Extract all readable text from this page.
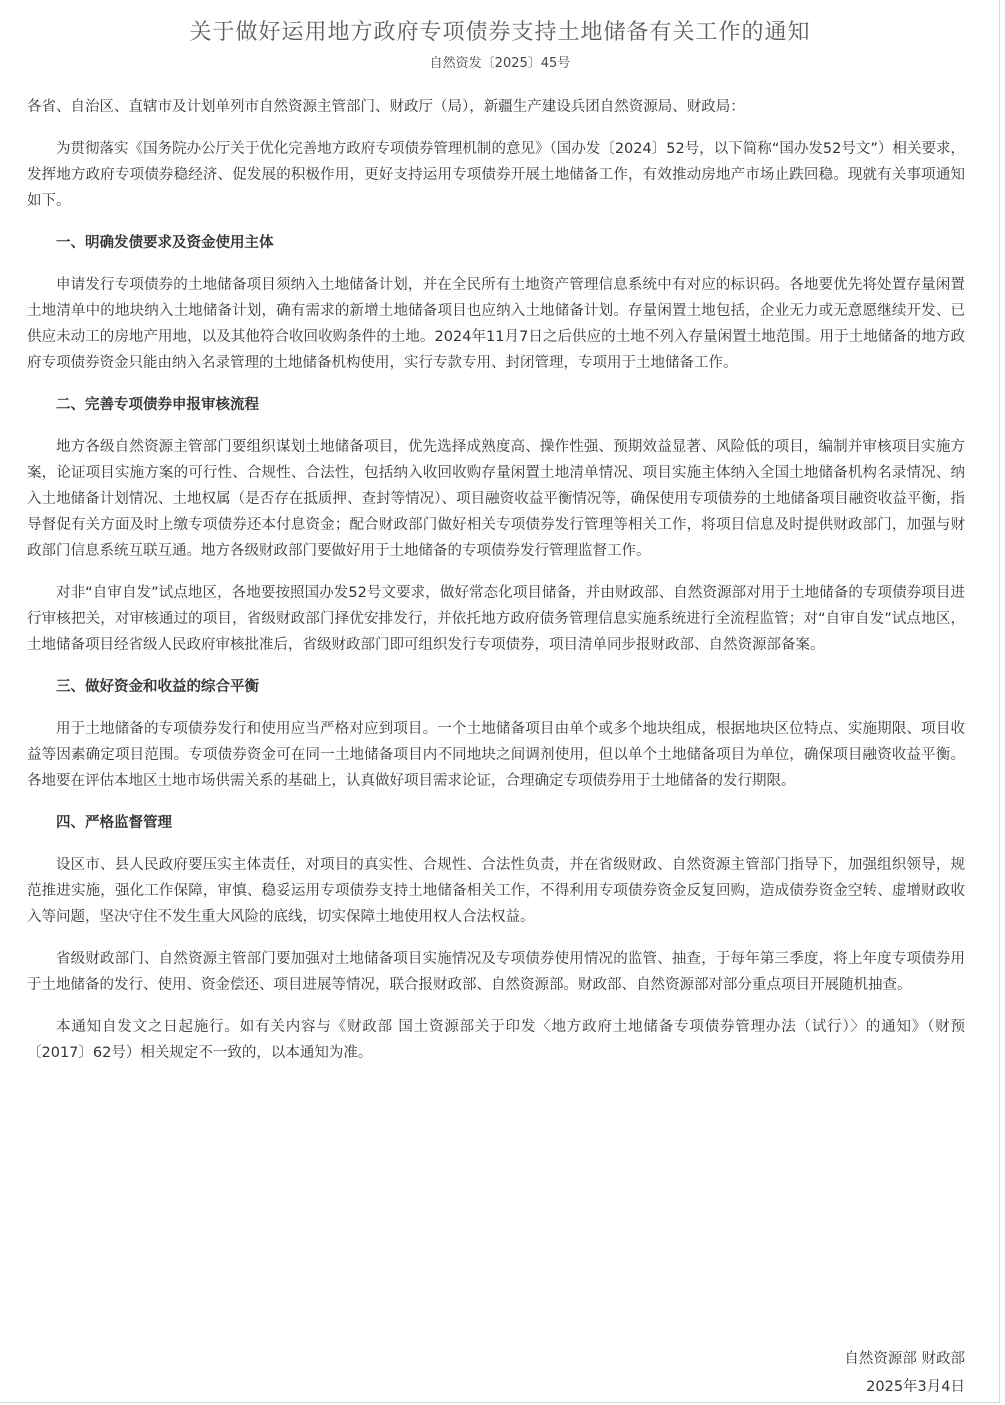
关于做好运用地方政府专项债券支持土地储备有关工作的通知
自然资发〔2025〕45号

各省、自治区、直辖市及计划单列市自然资源主管部门、财政厅（局），新疆生产建设兵团自然资源局、财政局：

为贯彻落实《国务院办公厅关于优化完善地方政府专项债券管理机制的意见》（国办发〔2024〕52号，以下简称“国办发52号文”）相关要求，发挥地方政府专项债券稳经济、促发展的积极作用，更好支持运用专项债券开展土地储备工作，有效推动房地产市场止跌回稳。现就有关事项通知如下。

一、明确发债要求及资金使用主体

申请发行专项债券的土地储备项目须纳入土地储备计划，并在全民所有土地资产管理信息系统中有对应的标识码。各地要优先将处置存量闲置土地清单中的地块纳入土地储备计划，确有需求的新增土地储备项目也应纳入土地储备计划。存量闲置土地包括，企业无力或无意愿继续开发、已供应未动工的房地产用地，以及其他符合收回收购条件的土地。2024年11月7日之后供应的土地不列入存量闲置土地范围。用于土地储备的地方政府专项债券资金只能由纳入名录管理的土地储备机构使用，实行专款专用、封闭管理，专项用于土地储备工作。

二、完善专项债券申报审核流程

地方各级自然资源主管部门要组织谋划土地储备项目，优先选择成熟度高、操作性强、预期效益显著、风险低的项目，编制并审核项目实施方案，论证项目实施方案的可行性、合规性、合法性，包括纳入收回收购存量闲置土地清单情况、项目实施主体纳入全国土地储备机构名录情况、纳入土地储备计划情况、土地权属（是否存在抵质押、查封等情况）、项目融资收益平衡情况等，确保使用专项债券的土地储备项目融资收益平衡，指导督促有关方面及时上缴专项债券还本付息资金；配合财政部门做好相关专项债券发行管理等相关工作，将项目信息及时提供财政部门，加强与财政部门信息系统互联互通。地方各级财政部门要做好用于土地储备的专项债券发行管理监督工作。

对非“自审自发”试点地区，各地要按照国办发52号文要求，做好常态化项目储备，并由财政部、自然资源部对用于土地储备的专项债券项目进行审核把关，对审核通过的项目，省级财政部门择优安排发行，并依托地方政府债务管理信息实施系统进行全流程监管；对“自审自发”试点地区，土地储备项目经省级人民政府审核批准后，省级财政部门即可组织发行专项债券，项目清单同步报财政部、自然资源部备案。

三、做好资金和收益的综合平衡

用于土地储备的专项债券发行和使用应当严格对应到项目。一个土地储备项目由单个或多个地块组成，根据地块区位特点、实施期限、项目收益等因素确定项目范围。专项债券资金可在同一土地储备项目内不同地块之间调剂使用，但以单个土地储备项目为单位，确保项目融资收益平衡。各地要在评估本地区土地市场供需关系的基础上，认真做好项目需求论证，合理确定专项债券用于土地储备的发行期限。

四、严格监督管理

设区市、县人民政府要压实主体责任，对项目的真实性、合规性、合法性负责，并在省级财政、自然资源主管部门指导下，加强组织领导，规范推进实施，强化工作保障，审慎、稳妥运用专项债券支持土地储备相关工作，不得利用专项债券资金反复回购，造成债券资金空转、虚增财政收入等问题，坚决守住不发生重大风险的底线，切实保障土地使用权人合法权益。

省级财政部门、自然资源主管部门要加强对土地储备项目实施情况及专项债券使用情况的监管、抽查，于每年第三季度，将上年度专项债券用于土地储备的发行、使用、资金偿还、项目进展等情况，联合报财政部、自然资源部。财政部、自然资源部对部分重点项目开展随机抽查。

本通知自发文之日起施行。如有关内容与《财政部 国土资源部关于印发〈地方政府土地储备专项债券管理办法（试行）〉的通知》（财预〔2017〕62号）相关规定不一致的，以本通知为准。

自然资源部 财政部
2025年3月4日
